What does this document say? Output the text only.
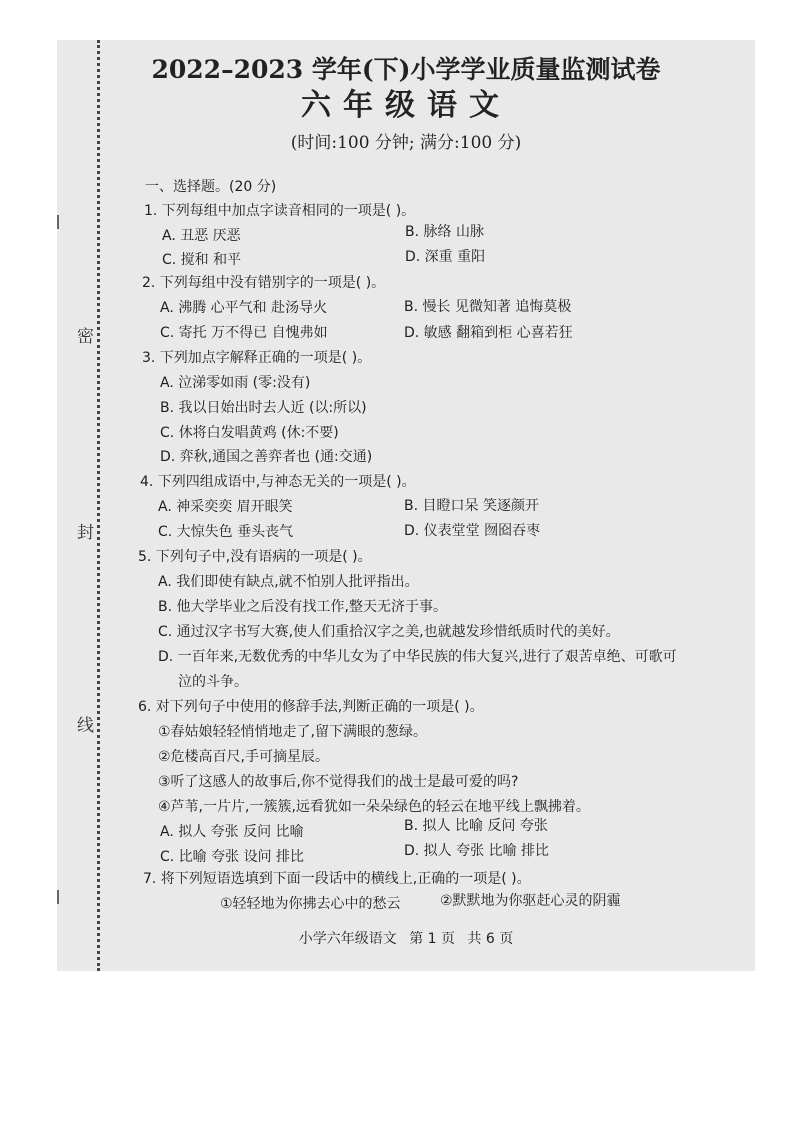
密
封
线
2022–2023 学年(下)小学学业质量监测试卷
六年级语文
(时间:100 分钟; 满分:100 分)
一、选择题。(20 分)
1. 下列每组中加点字读音相同的一项是( )。
A. 丑恶 厌恶	B. 脉络 山脉
C. 搅和 和平	D. 深重 重阳
2. 下列每组中没有错别字的一项是( )。
A. 沸腾 心平气和 赴汤导火	B. 慢长 见微知著 追悔莫极
C. 寄托 万不得已 自愧弗如	D. 敏感 翻箱到柜 心喜若狂
3. 下列加点字解释正确的一项是( )。
A. 泣涕零如雨 (零:没有)
B. 我以日始出时去人近 (以:所以)
C. 休将白发唱黄鸡 (休:不要)
D. 弈秋,通国之善弈者也 (通:交通)
4. 下列四组成语中,与神态无关的一项是( )。
A. 神采奕奕 眉开眼笑	B. 目瞪口呆 笑逐颜开
C. 大惊失色 垂头丧气	D. 仪表堂堂 囫囵吞枣
5. 下列句子中,没有语病的一项是( )。
A. 我们即使有缺点,就不怕别人批评指出。
B. 他大学毕业之后没有找工作,整天无济于事。
C. 通过汉字书写大赛,使人们重拾汉字之美,也就越发珍惜纸质时代的美好。
D. 一百年来,无数优秀的中华儿女为了中华民族的伟大复兴,进行了艰苦卓绝、可歌可
泣的斗争。
6. 对下列句子中使用的修辞手法,判断正确的一项是( )。
①春姑娘轻轻悄悄地走了,留下满眼的葱绿。
②危楼高百尺,手可摘星辰。
③听了这感人的故事后,你不觉得我们的战士是最可爱的吗?
④芦苇,一片片,一簇簇,远看犹如一朵朵绿色的轻云在地平线上飘拂着。
A. 拟人 夸张 反问 比喻	B. 拟人 比喻 反问 夸张
C. 比喻 夸张 设问 排比	D. 拟人 夸张 比喻 排比
7. 将下列短语选填到下面一段话中的横线上,正确的一项是( )。
①轻轻地为你拂去心中的愁云	②默默地为你驱赶心灵的阴霾
小学六年级语文 第 1 页 共 6 页
